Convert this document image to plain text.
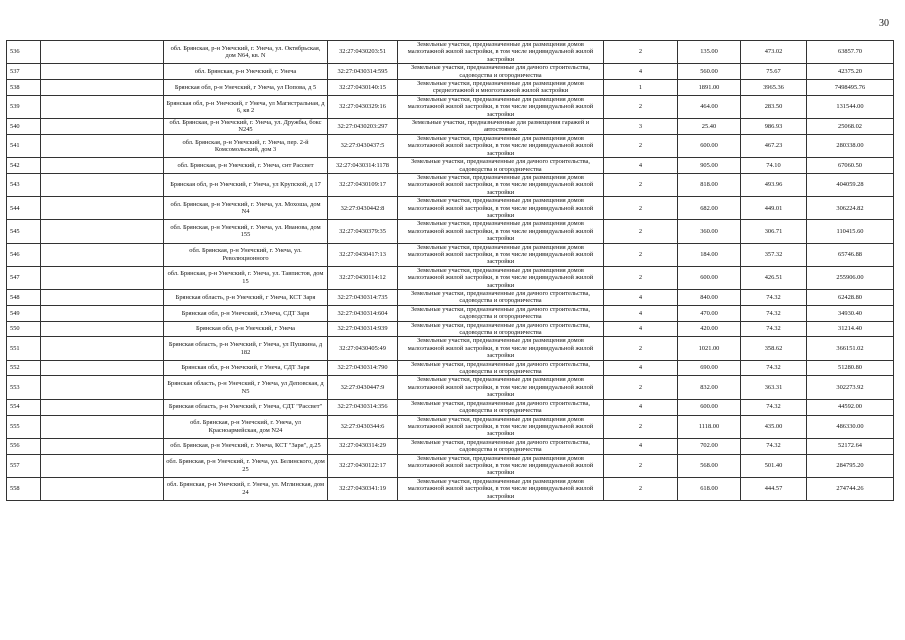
30
536		обл. Брянская, р-н Унечский, г. Унеча, ул. Октябрьская, дом N64, кв. N	32:27:0430203:51	Земельные участки, предназначенные для размещения домов малоэтажной жилой застройки, в том числе индивидуальной жилой застройки	2	135.00	473.02	63857.70
537		обл. Брянская, р-н Унечский, г. Унеча	32:27:0430314:595	Земельные участки, предназначенные для дачного строительства, садоводства и огородничества	4	560.00	75.67	42375.20
538		Брянская обл, р-н Унечский, г Унеча, ул Попова, д 5	32:27:0430140:15	Земельные участки, предназначенные для размещения домов среднеэтажной и многоэтажной жилой застройки	1	1891.00	3965.36	7498495.76
539		Брянская обл, р-н Унечский, г Унеча, ул Магистральная, д 6, кв 2	32:27:0430329:16	Земельные участки, предназначенные для размещения домов малоэтажной жилой застройки, в том числе индивидуальной жилой застройки	2	464.00	283.50	131544.00
540		обл. Брянская, р-н Унечский, г. Унеча, ул. Дружбы, бокс N245	32:27:0430203:297	Земельные участки, предназначенные для размещения гаражей и автостоянок	3	25.40	986.93	25068.02
541		обл. Брянская, р-н Унечский, г. Унеча, пер. 2-й Комсомольский, дом 3	32:27:0430437:5	Земельные участки, предназначенные для размещения домов малоэтажной жилой застройки, в том числе индивидуальной жилой застройки	2	600.00	467.23	280338.00
542		обл. Брянская, р-н Унечский, г. Унеча, снт Рассвет	32:27:0430314:1178	Земельные участки, предназначенные для дачного строительства, садоводства и огородничества	4	905.00	74.10	67060.50
543		Брянская обл, р-н Унечский, г Унеча, ул Крупской, д 17	32:27:0430109:17	Земельные участки, предназначенные для размещения домов малоэтажной жилой застройки, в том числе индивидуальной жилой застройки	2	818.00	493.96	404059.28
544		обл. Брянская, р-н Унечский, г. Унеча, ул. Мохоша, дом N4	32:27:0430442:8	Земельные участки, предназначенные для размещения домов малоэтажной жилой застройки, в том числе индивидуальной жилой застройки	2	682.00	449.01	306224.82
545		обл. Брянская, р-н Унечский, г. Унеча, ул. Иванова, дом 155	32:27:0430379:35	Земельные участки, предназначенные для размещения домов малоэтажной жилой застройки, в том числе индивидуальной жилой застройки	2	360.00	306.71	110415.60
546		обл. Брянская, р-н Унечский, г. Унеча, ул. Революционного	32:27:0430417:13	Земельные участки, предназначенные для размещения домов малоэтажной жилой застройки, в том числе индивидуальной жилой застройки	2	184.00	357.32	65746.88
547		обл. Брянская, р-н Унечский, г. Унеча, ул. Тавпистов, дом 15	32:27:0430114:12	Земельные участки, предназначенные для размещения домов малоэтажной жилой застройки, в том числе индивидуальной жилой застройки	2	600.00	426.51	255906.00
548		Брянская область, р-н Унечский, г Унеча, КСТ Заря	32:27:0430314:735	Земельные участки, предназначенные для дачного строительства, садоводства и огородничества	4	840.00	74.32	62428.80
549		Брянская обл, р-н Унечский, г.Унеча, СДТ Заря	32:27:0430314:604	Земельные участки, предназначенные для дачного строительства, садоводства и огородничества	4	470.00	74.32	34930.40
550		Брянская обл, р-н Унечский, г Унеча	32:27:0430314:939	Земельные участки, предназначенные для дачного строительства, садоводства и огородничества	4	420.00	74.32	31214.40
551		Брянская область, р-н Унечский, г Унеча, ул Пушкина, д 182	32:27:0430405:49	Земельные участки, предназначенные для размещения домов малоэтажной жилой застройки, в том числе индивидуальной жилой застройки	2	1021.00	358.62	366151.02
552		Брянская обл, р-н Унечский, г Унеча, СДТ Заря	32:27:0430314:790	Земельные участки, предназначенные для дачного строительства, садоводства и огородничества	4	690.00	74.32	51280.80
553		Брянская область, р-н Унечский, г Унеча, ул Деповская, д N5	32:27:0430447:9	Земельные участки, предназначенные для размещения домов малоэтажной жилой застройки, в том числе индивидуальной жилой застройки	2	832.00	363.31	302273.92
554		Брянская область, р-н Унечский, г Унеча, СДТ "Рассвет"	32:27:0430314:356	Земельные участки, предназначенные для дачного строительства, садоводства и огородничества	4	600.00	74.32	44592.00
555		обл. Брянская, р-н Унечский, г. Унеча, ул Красноармейская, дом N24	32:27:0430344:6	Земельные участки, предназначенные для размещения домов малоэтажной жилой застройки, в том числе индивидуальной жилой застройки	2	1118.00	435.00	486330.00
556		обл. Брянская, р-н Унечский, г. Унеча, КСТ "Заря", д.25	32:27:0430314:29	Земельные участки, предназначенные для дачного строительства, садоводства и огородничества	4	702.00	74.32	52172.64
557		обл. Брянская, р-н Унечский, г. Унеча, ул. Белинского, дом 25	32:27:0430122:17	Земельные участки, предназначенные для размещения домов малоэтажной жилой застройки, в том числе индивидуальной жилой застройки	2	568.00	501.40	284795.20
558		обл. Брянская, р-н Унечский, г. Унеча, ул. Мглинская, дом 24	32:27:0430341:19	Земельные участки, предназначенные для размещения домов малоэтажной жилой застройки, в том числе индивидуальной жилой застройки	2	618.00	444.57	274744.26
